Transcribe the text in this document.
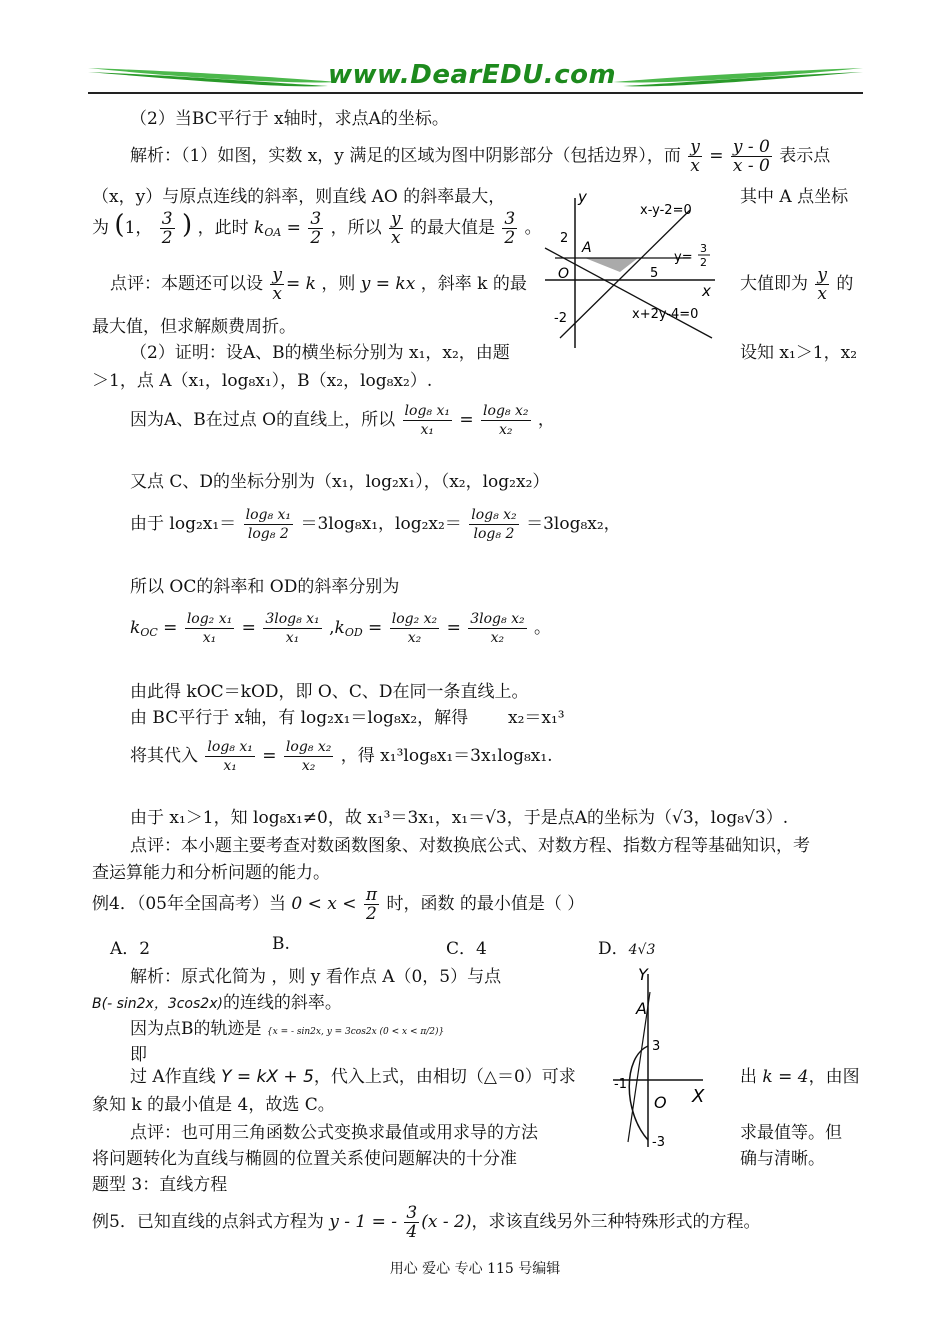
www.DearEDU.com
（2）当BC平行于 x轴时，求点A的坐标。
解析：（1）如图，实数 x，y 满足的区域为图中阴影部分（包括边界），而 $\frac{y}{x} = \frac{y - 0}{x - 0}$ 表示点
（x，y）与原点连线的斜率，则直线 AO 的斜率最大，	其中 A 点坐标
为 (1， $\frac{3}{2}$ ) ，此时 $k_{OA} = \frac{3}{2}$ ，所以 $\frac{y}{x}$ 的最大值是 $\frac{3}{2}$ 。
点评：本题还可以设 $\frac{y}{x} = k$ ，则 y = kx ，斜率 k 的最	大值即为 $\frac{y}{x}$ 的
最大值，但求解颇费周折。
（2）证明：设A、B的横坐标分别为 x₁，x₂，由题	设知 x₁＞1，x₂
＞1，点 A（x₁，log₈x₁），B（x₂，log₈x₂）.
y
x
x-y-2=0
y=
3
2
x+2y-4=0
A
O
2
5
-2
因为A、B在过点 O的直线上，所以 $\frac{\text{log₈ x₁}}{\text{x₁}} = \frac{\text{log₈ x₂}}{\text{x₂}}$ ，
又点 C、D的坐标分别为（x₁，log₂x₁），（x₂，log₂x₂）
由于 $\log_2x_1= \frac{\text{log₈ x₁}}{\text{log₈ 2}} =3\log_8x_1$，$\log_2x_2= \frac{\text{log₈ x₂}}{\text{log₈ 2}} =3\log_8x_2$，
所以 OC的斜率和 OD的斜率分别为
$k_{OC} = \frac{\text{log₂ x₁}}{\text{x₁}} = \frac{\text{3log₈ x₁}}{\text{x₁}} ,k_{OD} = \frac{\text{log₂ x₂}}{\text{x₂}} = \frac{\text{3log₈ x₂}}{\text{x₂}}$ 。
由此得 kOC＝kOD，即 O、C、D在同一条直线上。
由 BC平行于 x轴，有 log₂x₁＝log₈x₂，解得 x₂＝x₁³
将其代入 $\frac{\text{log₈ x₁}}{\text{x₁}} = \frac{\text{log₈ x₂}}{\text{x₂}}$ ，得 x₁³log₈x₁＝3x₁log₈x₁.
由于 x₁＞1，知 log₈x₁≠0，故 x₁³＝3x₁，x₁＝√3，于是点A的坐标为（√3，log₈√3）.
点评：本小题主要考查对数函数图象、对数换底公式、对数方程、指数方程等基础知识，考
查运算能力和分析问题的能力。
例4．（05年全国高考）当 $0 < x < \frac{\pi}{2}$ 时，函数 的最小值是（ ）
A．2	B.	C．4	D．4√3
解析：原式化简为 ，则 y 看作点 A（0，5）与点
B(- sin2x，3cos2x)的连线的斜率。
因为点B的轨迹是 {x = - sin2x, y = 3cos2x (0 < x < π/2)}
即
过 A作直线 Y = kX + 5，代入上式，由相切（△＝0）可求	出 k = 4，由图
象知 k 的最小值是 4，故选 C。
点评：也可用三角函数公式变换求最值或用求导的方法	求最值等。但
将问题转化为直线与椭圆的位置关系使问题解决的十分准	确与清晰。
题型 3：直线方程
Y
X
A
O
3
-3
-1
例5．已知直线的点斜式方程为 y - 1 = - $\frac{3}{4} (x - 2)$，求该直线另外三种特殊形式的方程。
用心 爱心 专心 115 号编辑
